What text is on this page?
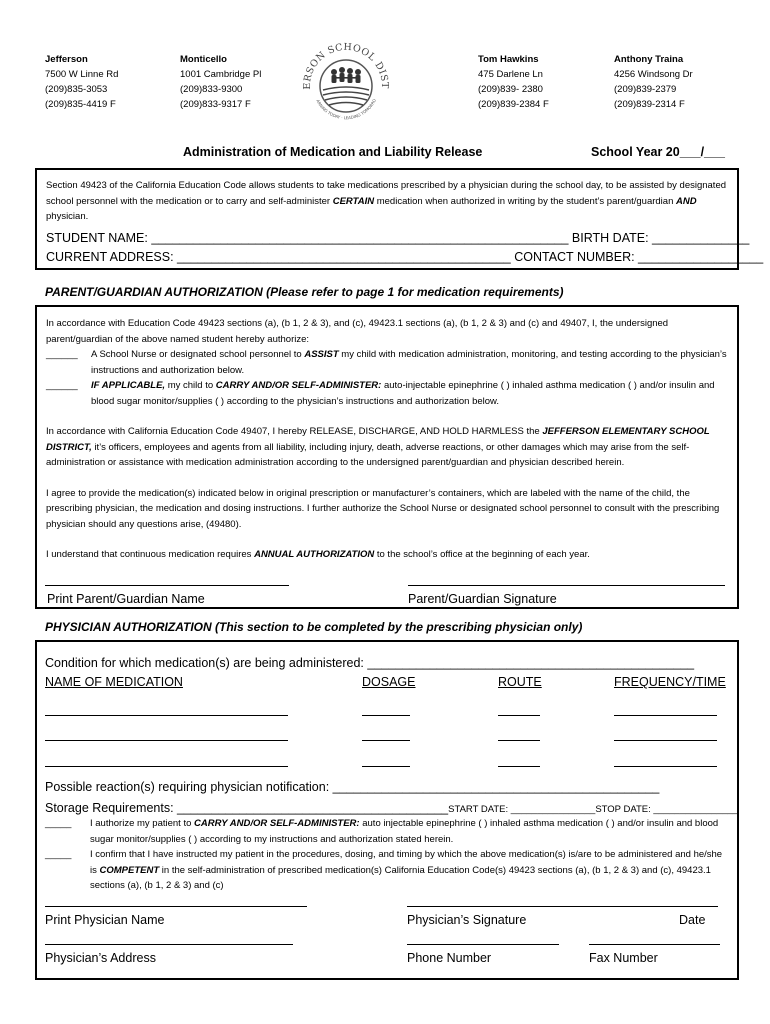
Jefferson
7500 W Linne Rd
(209)835-3053
(209)835-4419 F
Monticello
1001 Cambridge Pl
(209)833-9300
(209)833-9317 F
Tom Hawkins
475 Darlene Ln
(209)839- 2380
(209)839-2384 F
Anthony Traina
4256 Windsong Dr
(209)839-2379
(209)839-2314 F
ERSON SCHOOL DIST
ARNING TODAY · LEADING TOMORRO
Administration of Medication and Liability Release	School Year 20___/___
Section 49423 of the California Education Code allows students to take medications prescribed by a physician during the school day, to be assisted by designated school personnel with the medication or to carry and self-administer CERTAIN medication when authorized in writing by the student’s parent/guardian AND physician.
STUDENT NAME: ____________________________________________________________ BIRTH DATE: ______________
CURRENT ADDRESS: ________________________________________________ CONTACT NUMBER: __________________
PARENT/GUARDIAN AUTHORIZATION (Please refer to page 1 for medication requirements)
In accordance with Education Code 49423 sections (a), (b 1, 2 & 3), and (c), 49423.1 sections (a), (b 1, 2 & 3) and (c) and 49407, I, the undersigned parent/guardian of the above named student hereby authorize:
______	A School Nurse or designated school personnel to ASSIST my child with medication administration, monitoring, and testing according to the physician’s instructions and authorization below.
______	IF APPLICABLE, my child to CARRY AND/OR SELF-ADMINISTER: auto-injectable epinephrine ( ) inhaled asthma medication ( ) and/or insulin and blood sugar monitor/supplies ( ) according to the physician’s instructions and authorization below.
In accordance with California Education Code 49407, I hereby RELEASE, DISCHARGE, AND HOLD HARMLESS the JEFFERSON ELEMENTARY SCHOOL DISTRICT, it’s officers, employees and agents from all liability, including injury, death, adverse reactions, or other damages which may arise from the self-administration or assistance with medication administration according to the undersigned parent/guardian and physician described herein.
I agree to provide the medication(s) indicated below in original prescription or manufacturer’s containers, which are labeled with the name of the child, the prescribing physician, the medication and dosing instructions. I further authorize the School Nurse or designated school personnel to consult with the prescribing physician should any questions arise, (49480).
I understand that continuous medication requires ANNUAL AUTHORIZATION to the school’s office at the beginning of each year.
Print Parent/Guardian Name	Parent/Guardian Signature
PHYSICIAN AUTHORIZATION (This section to be completed by the prescribing physician only)
Condition for which medication(s) are being administered: _______________________________________________
NAME OF MEDICATION	DOSAGE	ROUTE	FREQUENCY/TIME
Possible reaction(s) requiring physician notification: _______________________________________________
Storage Requirements: _______________________________________START DATE: ________________STOP DATE: ________________
_____	I authorize my patient to CARRY AND/OR SELF-ADMINISTER: auto injectable epinephrine ( ) inhaled asthma medication ( ) and/or insulin and blood sugar monitor/supplies ( ) according to my instructions and authorization stated herein.
_____	I confirm that I have instructed my patient in the procedures, dosing, and timing by which the above medication(s) is/are to be administered and he/she is COMPETENT in the self-administration of prescribed medication(s) California Education Code(s) 49423 sections (a), (b 1, 2 & 3) and (c), 49423.1 sections (a), (b 1, 2 & 3) and (c)
Print Physician Name	Physician’s Signature	Date
Physician’s Address	Phone Number	Fax Number
